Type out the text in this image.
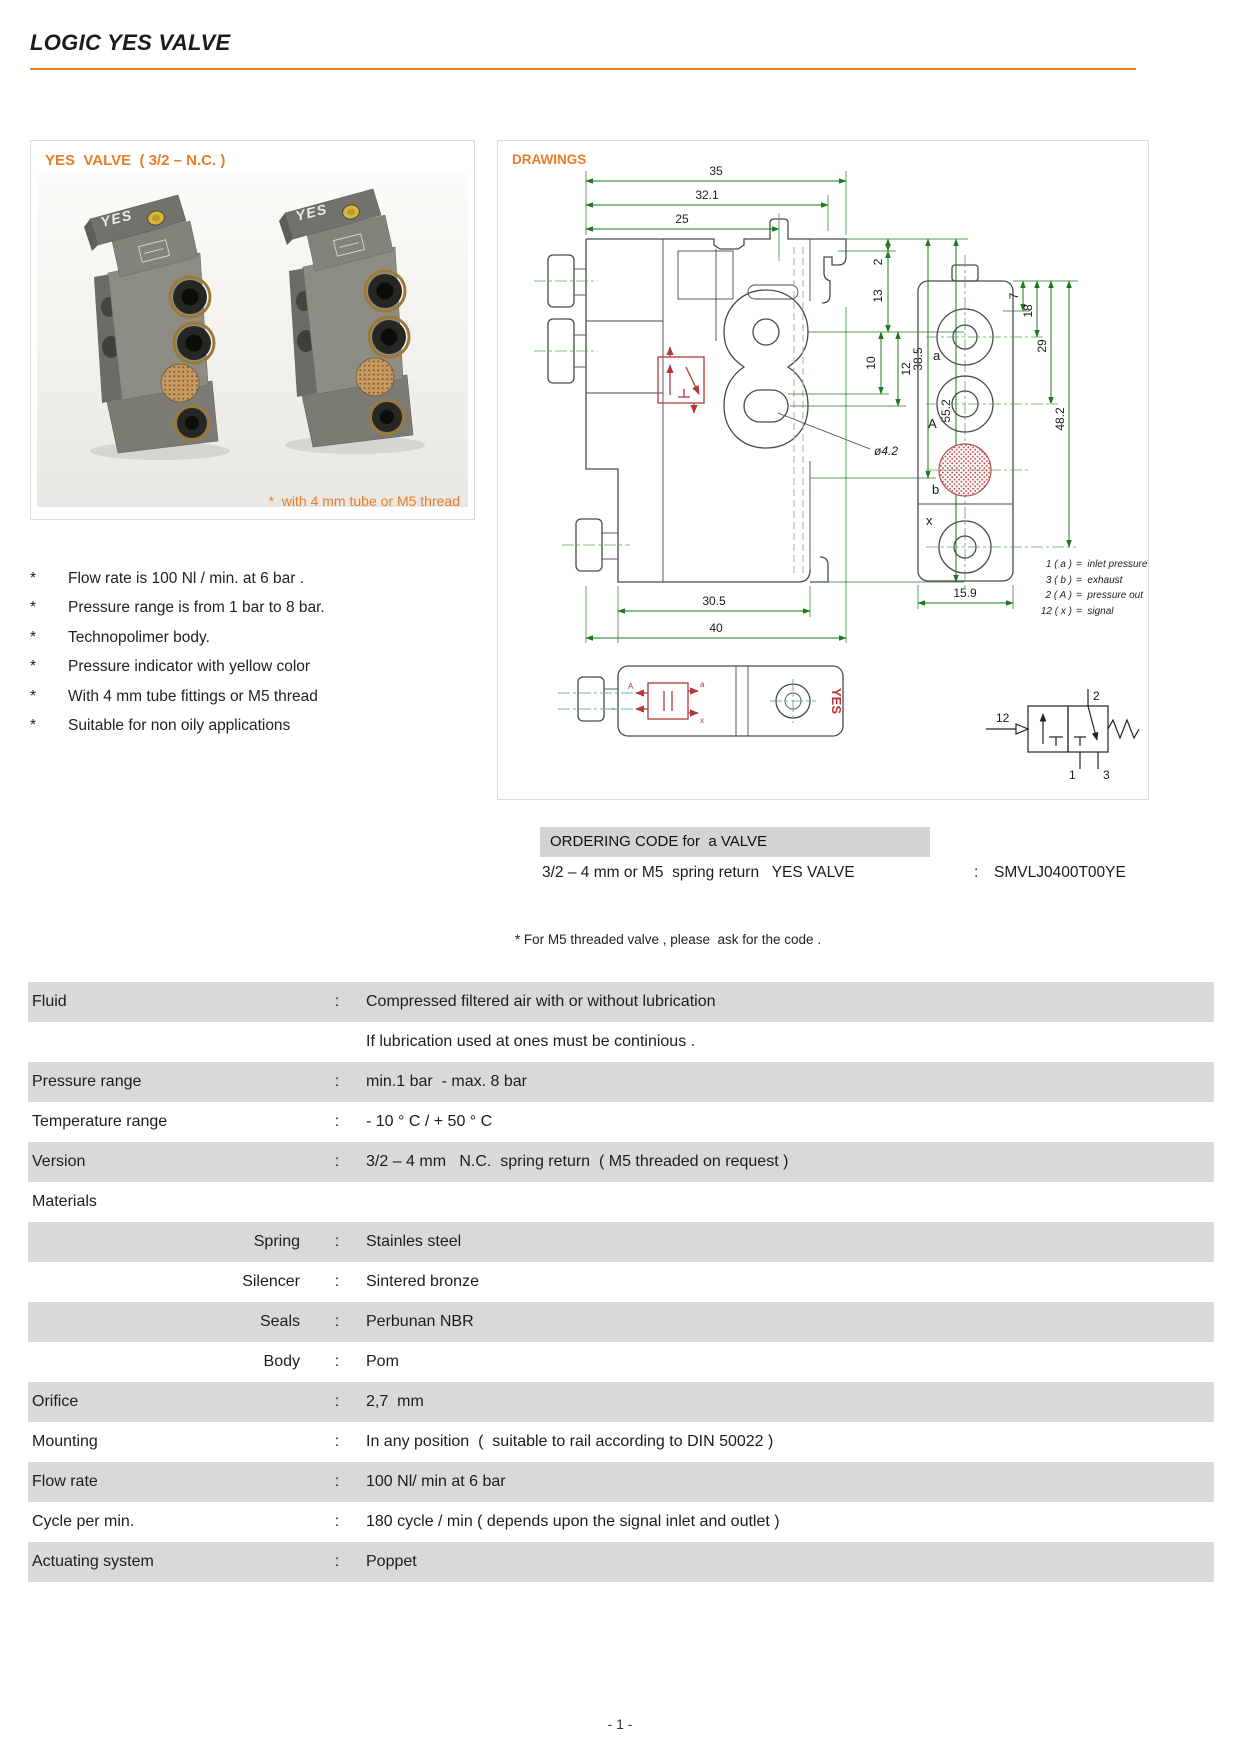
LOGIC YES VALVE
YES  VALVE  ( 3/2 – N.C. )
YES
*  with 4 mm tube or M5 thread
DRAWINGS
35
32.1
25
2
13
10 12
38.5
55.2
ø4.2
30.5
40
A	a
x
YES
a
A
b
x
7
18
29
48.2
15.9
12
2
1 3
1 ( a ) =  inlet pressure
3 ( b ) =  exhaust
2 ( A ) =  pressure out
12 ( x ) =  signal
*	Flow rate is 100 Nl / min. at 6 bar .
*	Pressure range is from 1 bar to 8 bar.
*	Technopolimer body.
*	Pressure indicator with yellow color
*	With 4 mm tube fittings or M5 thread
*	Suitable for non oily applications
ORDERING CODE for  a VALVE
3/2 – 4 mm or M5  spring return   YES VALVE	: SMVLJ0400T00YE
* For M5 threaded valve , please  ask for the code .
Fluid	:	Compressed filtered air with or without lubrication
If lubrication used at ones must be continious .
Pressure range	:	min.1 bar  - max. 8 bar
Temperature range	:	- 10 ° C / + 50 ° C
Version	:	3/2 – 4 mm   N.C.  spring return  ( M5 threaded on request )
Materials
Spring	:	Stainles steel
Silencer	:	Sintered bronze
Seals	:	Perbunan NBR
Body	:	Pom
Orifice	:	2,7  mm
Mounting	:	In any position  (  suitable to rail according to DIN 50022 )
Flow rate	:	100 Nl/ min at 6 bar
Cycle per min.	:	180 cycle / min ( depends upon the signal inlet and outlet )
Actuating system	:	Poppet
- 1 -
